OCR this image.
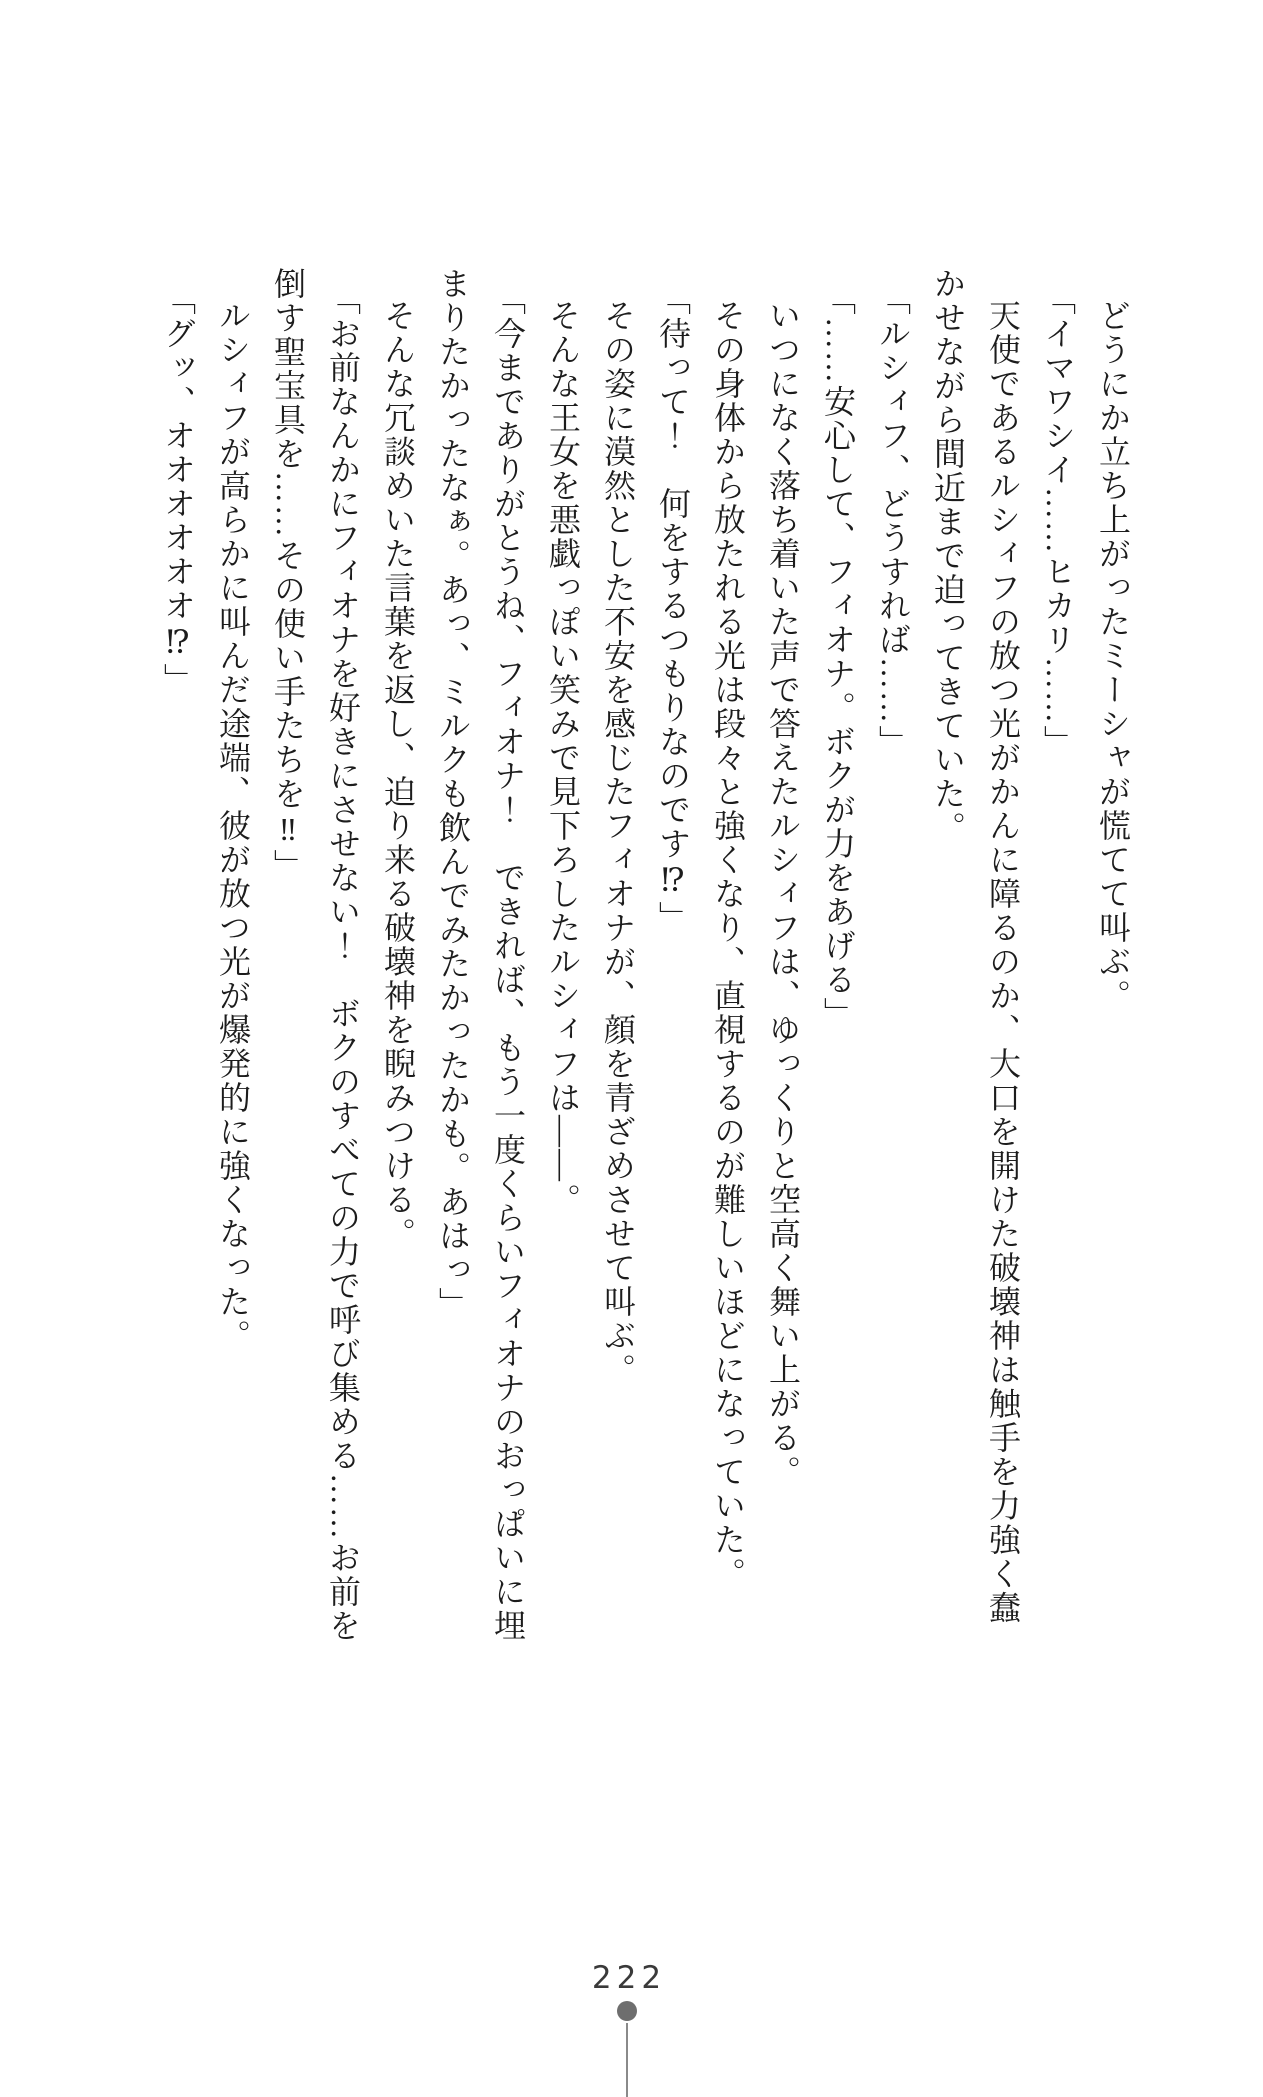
どうにか立ち上がったミーシャが慌てて叫ぶ。
「イマワシイ……ヒカリ……」
天使であるルシィフの放つ光がかんに障るのか、大口を開けた破壊神は触手を力強く蠢
かせながら間近まで迫ってきていた。
「ルシィフ、どうすれば……」
「……安心して、フィオナ。ボクが力をあげる」
いつになく落ち着いた声で答えたルシィフは、ゆっくりと空高く舞い上がる。
その身体から放たれる光は段々と強くなり、直視するのが難しいほどになっていた。
「待って！　何をするつもりなのです⁉」
その姿に漠然とした不安を感じたフィオナが、顔を青ざめさせて叫ぶ。
そんな王女を悪戯っぽい笑みで見下ろしたルシィフは——。
「今までありがとうね、フィオナ！　できれば、もう一度くらいフィオナのおっぱいに埋
まりたかったなぁ。あっ、ミルクも飲んでみたかったかも。あはっ」
そんな冗談めいた言葉を返し、迫り来る破壊神を睨みつける。
「お前なんかにフィオナを好きにさせない！　ボクのすべての力で呼び集める……お前を
倒す聖宝具を……その使い手たちを‼」
ルシィフが高らかに叫んだ途端、彼が放つ光が爆発的に強くなった。
「グッ、オオオオオオ⁉」
222
